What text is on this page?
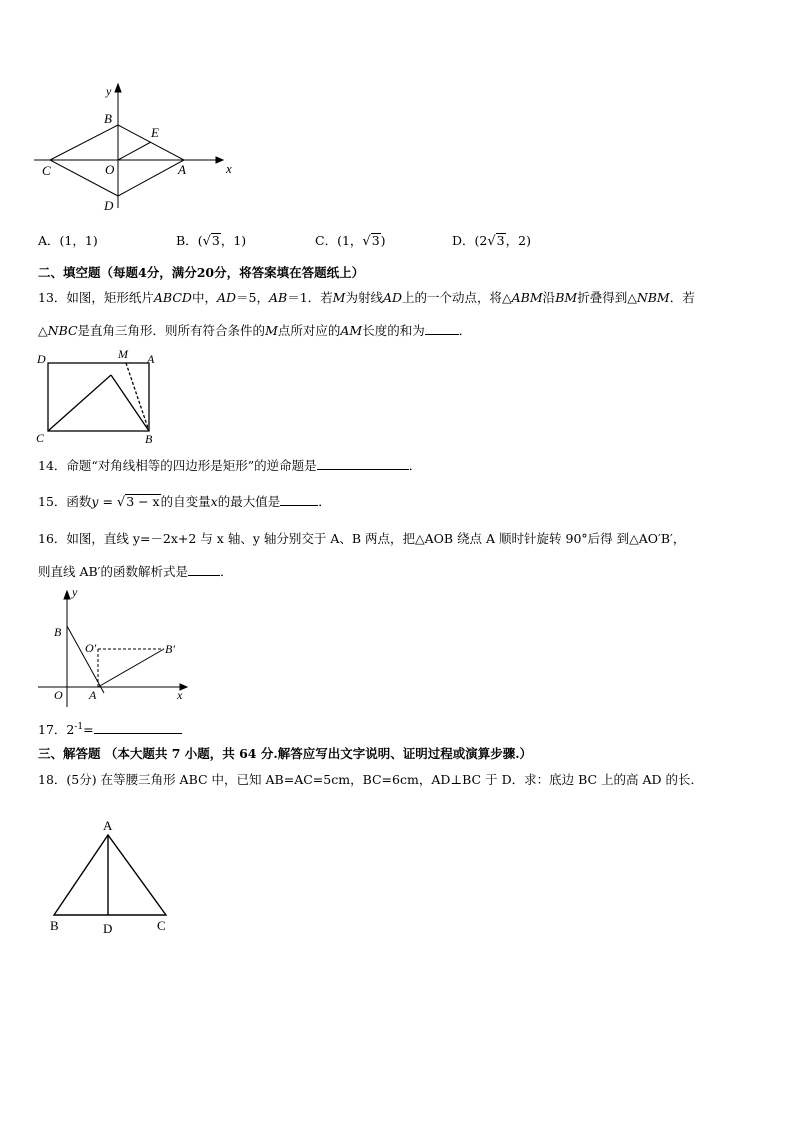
y
x
B
E
C	O	A
D
A．(1，1)	B．(√3，1)	C．(1，√3)	D．(2√3，2)
二、填空题（每题4分，满分20分，将答案填在答题纸上）
13．如图，矩形纸片ABCD中，AD＝5，AB＝1．若M为射线AD上的一个动点，将△ABM沿BM折叠得到△NBM．若
△NBC是直角三角形．则所有符合条件的M点所对应的AM长度的和为	．
D	M A
C	B
14．命题“对角线相等的四边形是矩形”的逆命题是	．
15．函数y = √3 − x的自变量x的最大值是	．
16．如图，直线 y=－2x+2 与 x 轴、y 轴分别交于 A、B 两点，把△AOB 绕点 A 顺时针旋转 90°后得 到△AO′B′，
则直线 AB′的函数解析式是	．
y
B
O′	B′
O A	x
17．$2^{-1}=$
三、解答题 （本大题共 7 小题，共 64 分.解答应写出文字说明、证明过程或演算步骤.）
18．(5分) 在等腰三角形 ABC 中，已知 AB=AC=5cm，BC=6cm，AD⊥BC 于 D．求：底边 BC 上的高 AD 的长．
A
B	D	C
